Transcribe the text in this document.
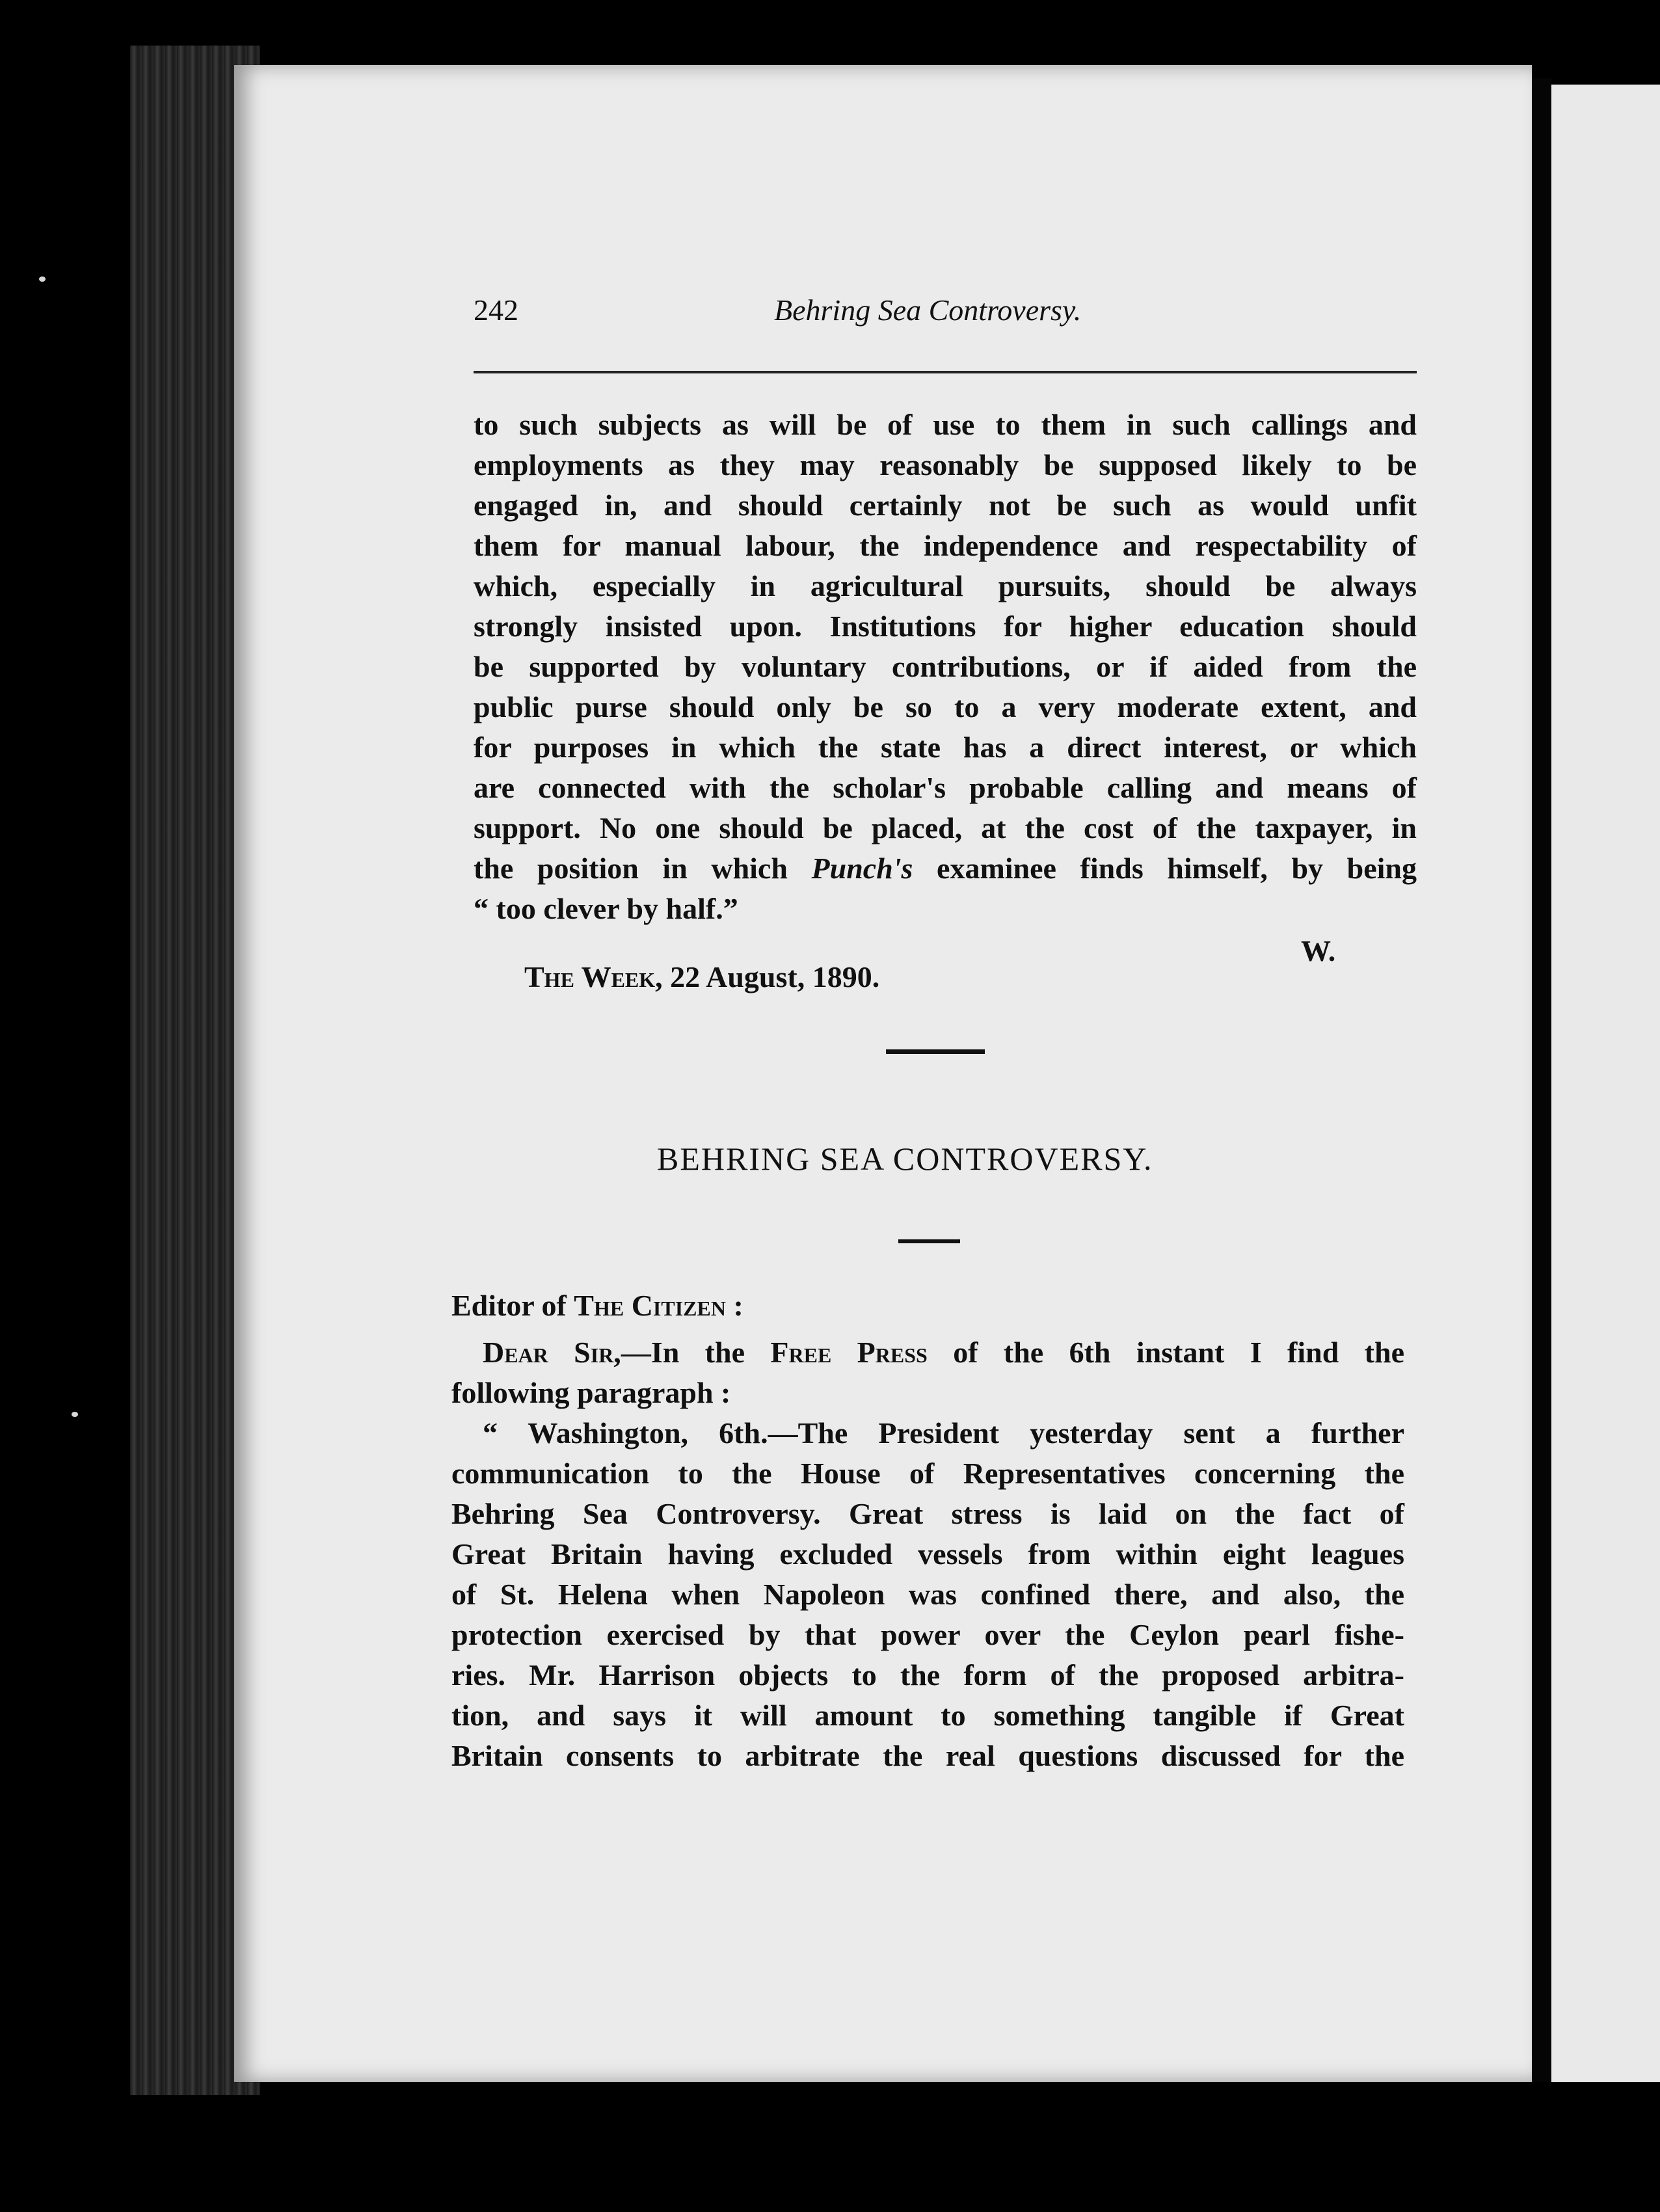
242	Behring Sea Controversy.
to such subjects as will be of use to them in such callings and
employments as they may reasonably be supposed likely to be
engaged in, and should certainly not be such as would unfit
them for manual labour, the independence and respectability of
which, especially in agricultural pursuits, should be always
strongly insisted upon. Institutions for higher education should
be supported by voluntary contributions, or if aided from the
public purse should only be so to a very moderate extent, and
for purposes in which the state has a direct interest, or which
are connected with the scholar's probable calling and means of
support. No one should be placed, at the cost of the taxpayer, in
the position in which Punch's examinee finds himself, by being
“ too clever by half.”
W.
The Week, 22 August, 1890.
BEHRING SEA CONTROVERSY.
Editor of The Citizen :
Dear Sir,—In the Free Press of the 6th instant I find the
following paragraph :
“ Washington, 6th.—The President yesterday sent a further
communication to the House of Representatives concerning the
Behring Sea Controversy. Great stress is laid on the fact of
Great Britain having excluded vessels from within eight leagues
of St. Helena when Napoleon was confined there, and also, the
protection exercised by that power over the Ceylon pearl fishe-
ries. Mr. Harrison objects to the form of the proposed arbitra-
tion, and says it will amount to something tangible if Great
Britain consents to arbitrate the real questions discussed for the
